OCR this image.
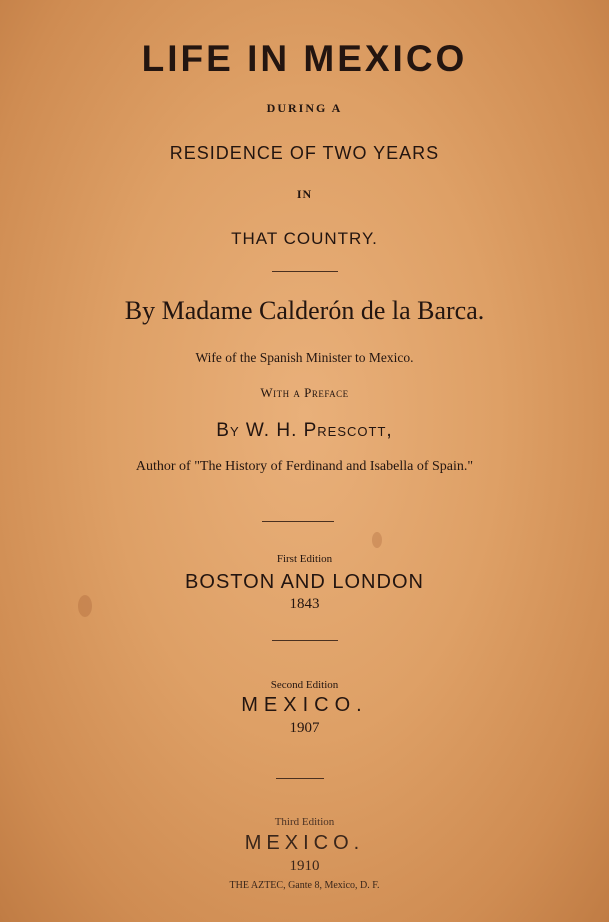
LIFE IN MEXICO
DURING A
RESIDENCE OF TWO YEARS
IN
THAT COUNTRY.
By Madame Calderón de la Barca.
Wife of the Spanish Minister to Mexico.
With a Preface
By W. H. Prescott,
Author of "The History of Ferdinand and Isabella of Spain."
First Edition
BOSTON AND LONDON
1843
Second Edition
MEXICO.
1907
Third Edition
MEXICO.
1910
THE AZTEC, Gante 8, Mexico, D. F.
